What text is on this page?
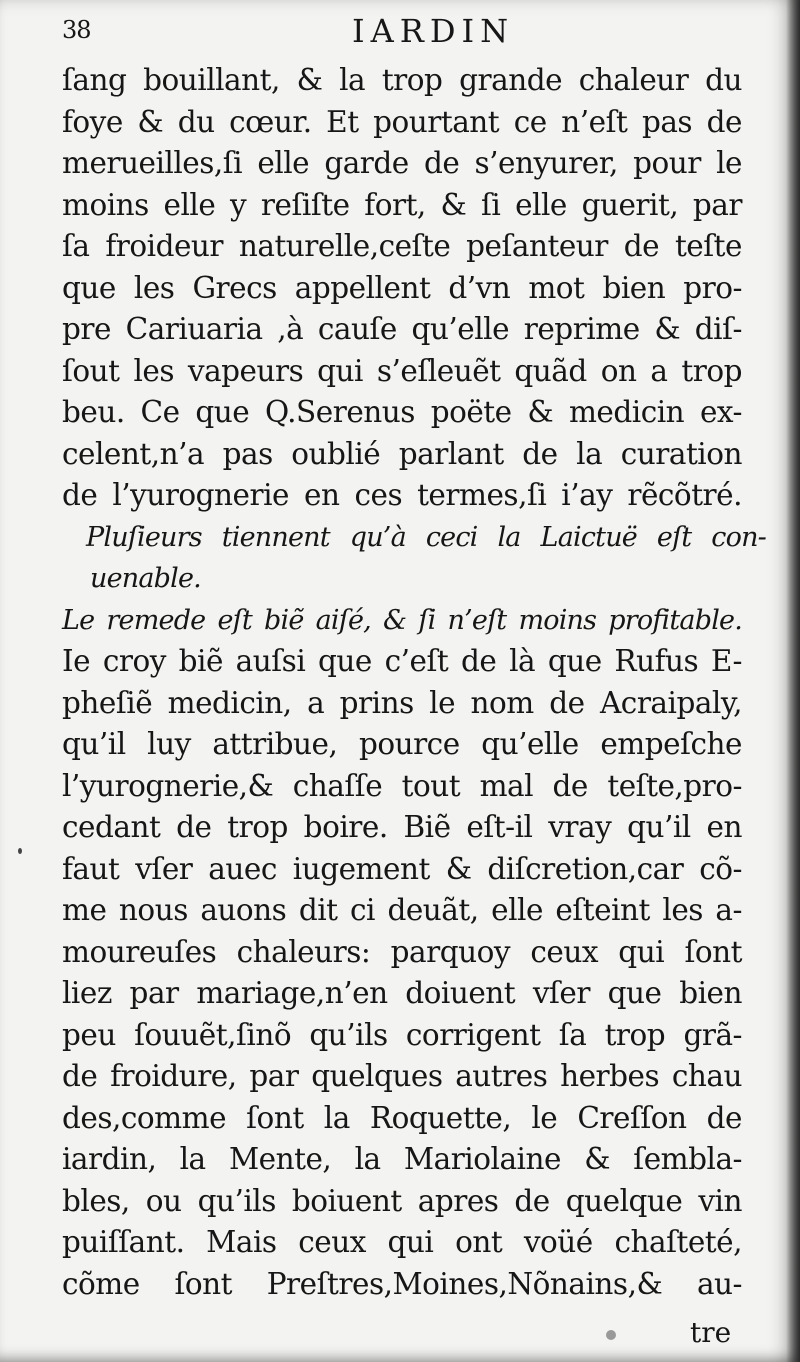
38	IARDIN
ſang bouillant, & la trop grande chaleur du
foye & du cœur. Et pourtant ce n’eſt pas de
merueilles,ſi elle garde de s’enyurer, pour le
moins elle y reſiſte fort, & ſi elle guerit, par
ſa froideur naturelle,ceſte peſanteur de teſte
que les Grecs appellent d’vn mot bien pro-
pre Cariuaria ,à cauſe qu’elle reprime & diſ-
ſout les vapeurs qui s’eſleuẽt quãd on a trop
beu. Ce que Q.Serenus poëte & medicin ex-
celent,n’a pas oublié parlant de la curation
de l’yurognerie en ces termes,ſi i’ay rẽcõtré.
Pluſieurs tiennent qu’à ceci la Laictuë eſt con-
uenable.
Le remede eſt biẽ aiſé, & ſi n’eſt moins profitable.
Ie croy biẽ auſsi que c’eſt de là que Rufus E-
pheſiẽ medicin, a prins le nom de Acraipaly,
qu’il luy attribue, pource qu’elle empeſche
l’yurognerie,& chaſſe tout mal de teſte,pro-
cedant de trop boire. Biẽ eſt-il vray qu’il en
faut vſer auec iugement & diſcretion,car cõ-
me nous auons dit ci deuãt, elle eſteint les a-
moureuſes chaleurs: parquoy ceux qui ſont
liez par mariage,n’en doiuent vſer que bien
peu ſouuẽt,ſinõ qu’ils corrigent ſa trop grã-
de froidure, par quelques autres herbes chau
des,comme ſont la Roquette, le Creſſon de
iardin, la Mente, la Mariolaine & ſembla-
bles, ou qu’ils boiuent apres de quelque vin
puiſſant. Mais ceux qui ont voüé chaſteté,
cõme ſont Preſtres,Moines,Nõnains,& au-
tre
